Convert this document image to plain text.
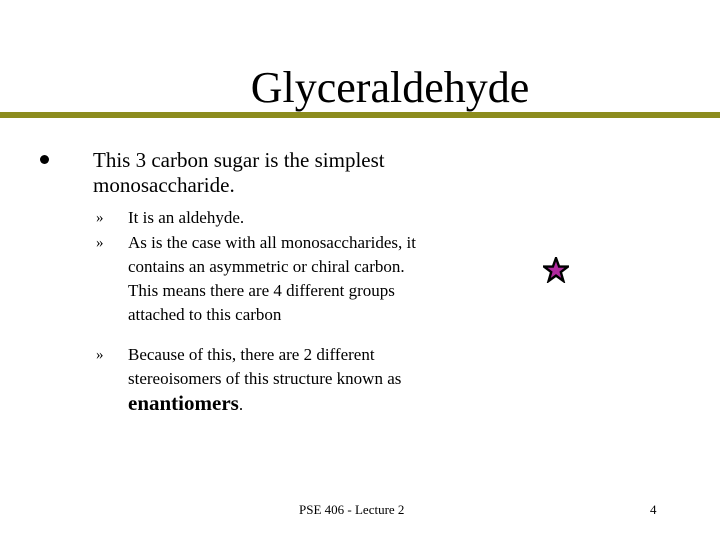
Glyceraldehyde
This 3 carbon sugar is the simplest monosaccharide.
» It is an aldehyde.
» As is the case with all monosaccharides, it contains an asymmetric or chiral carbon. This means there are 4 different groups attached to this carbon
» Because of this, there are 2 different stereoisomers of this structure known as enantiomers.
PSE 406 - Lecture 2	4
